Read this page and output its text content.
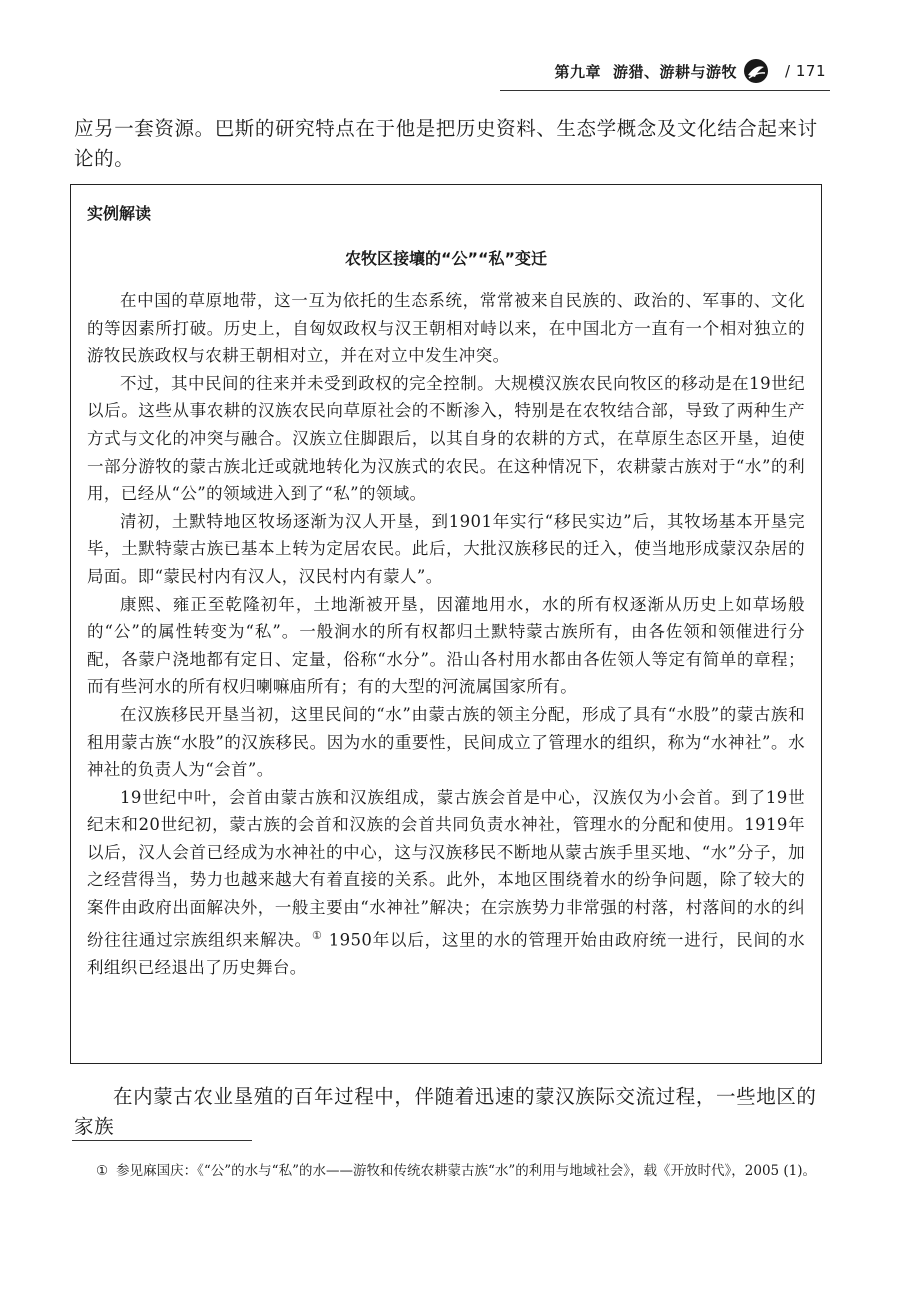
第九章 游猎、游耕与游牧	/ 171
应另一套资源。巴斯的研究特点在于他是把历史资料、生态学概念及文化结合起来讨论的。
实例解读
农牧区接壤的“公”“私”变迁

在中国的草原地带，这一互为依托的生态系统，常常被来自民族的、政治的、军事的、文化的等因素所打破。历史上，自匈奴政权与汉王朝相对峙以来，在中国北方一直有一个相对独立的游牧民族政权与农耕王朝相对立，并在对立中发生冲突。

不过，其中民间的往来并未受到政权的完全控制。大规模汉族农民向牧区的移动是在19世纪以后。这些从事农耕的汉族农民向草原社会的不断渗入，特别是在农牧结合部，导致了两种生产方式与文化的冲突与融合。汉族立住脚跟后，以其自身的农耕的方式，在草原生态区开垦，迫使一部分游牧的蒙古族北迁或就地转化为汉族式的农民。在这种情况下，农耕蒙古族对于“水”的利用，已经从“公”的领域进入到了“私”的领域。

清初，土默特地区牧场逐渐为汉人开垦，到1901年实行“移民实边”后，其牧场基本开垦完毕，土默特蒙古族已基本上转为定居农民。此后，大批汉族移民的迁入，使当地形成蒙汉杂居的局面。即“蒙民村内有汉人，汉民村内有蒙人”。

康熙、雍正至乾隆初年，土地渐被开垦，因灌地用水，水的所有权逐渐从历史上如草场般的“公”的属性转变为“私”。一般涧水的所有权都归土默特蒙古族所有，由各佐领和领催进行分配，各蒙户浇地都有定日、定量，俗称“水分”。沿山各村用水都由各佐领人等定有简单的章程；而有些河水的所有权归喇嘛庙所有；有的大型的河流属国家所有。

在汉族移民开垦当初，这里民间的“水”由蒙古族的领主分配，形成了具有“水股”的蒙古族和租用蒙古族“水股”的汉族移民。因为水的重要性，民间成立了管理水的组织，称为“水神社”。水神社的负责人为“会首”。

19世纪中叶，会首由蒙古族和汉族组成，蒙古族会首是中心，汉族仅为小会首。到了19世纪末和20世纪初，蒙古族的会首和汉族的会首共同负责水神社，管理水的分配和使用。1919年以后，汉人会首已经成为水神社的中心，这与汉族移民不断地从蒙古族手里买地、“水”分子，加之经营得当，势力也越来越大有着直接的关系。此外，本地区围绕着水的纷争问题，除了较大的案件由政府出面解决外，一般主要由“水神社”解决；在宗族势力非常强的村落，村落间的水的纠纷往往通过宗族组织来解决。① 1950年以后，这里的水的管理开始由政府统一进行，民间的水利组织已经退出了历史舞台。

在内蒙古农业垦殖的百年过程中，伴随着迅速的蒙汉族际交流过程，一些地区的家族
① 参见麻国庆：《“公”的水与“私”的水——游牧和传统农耕蒙古族“水”的利用与地域社会》，载《开放时代》，2005 (1)。
